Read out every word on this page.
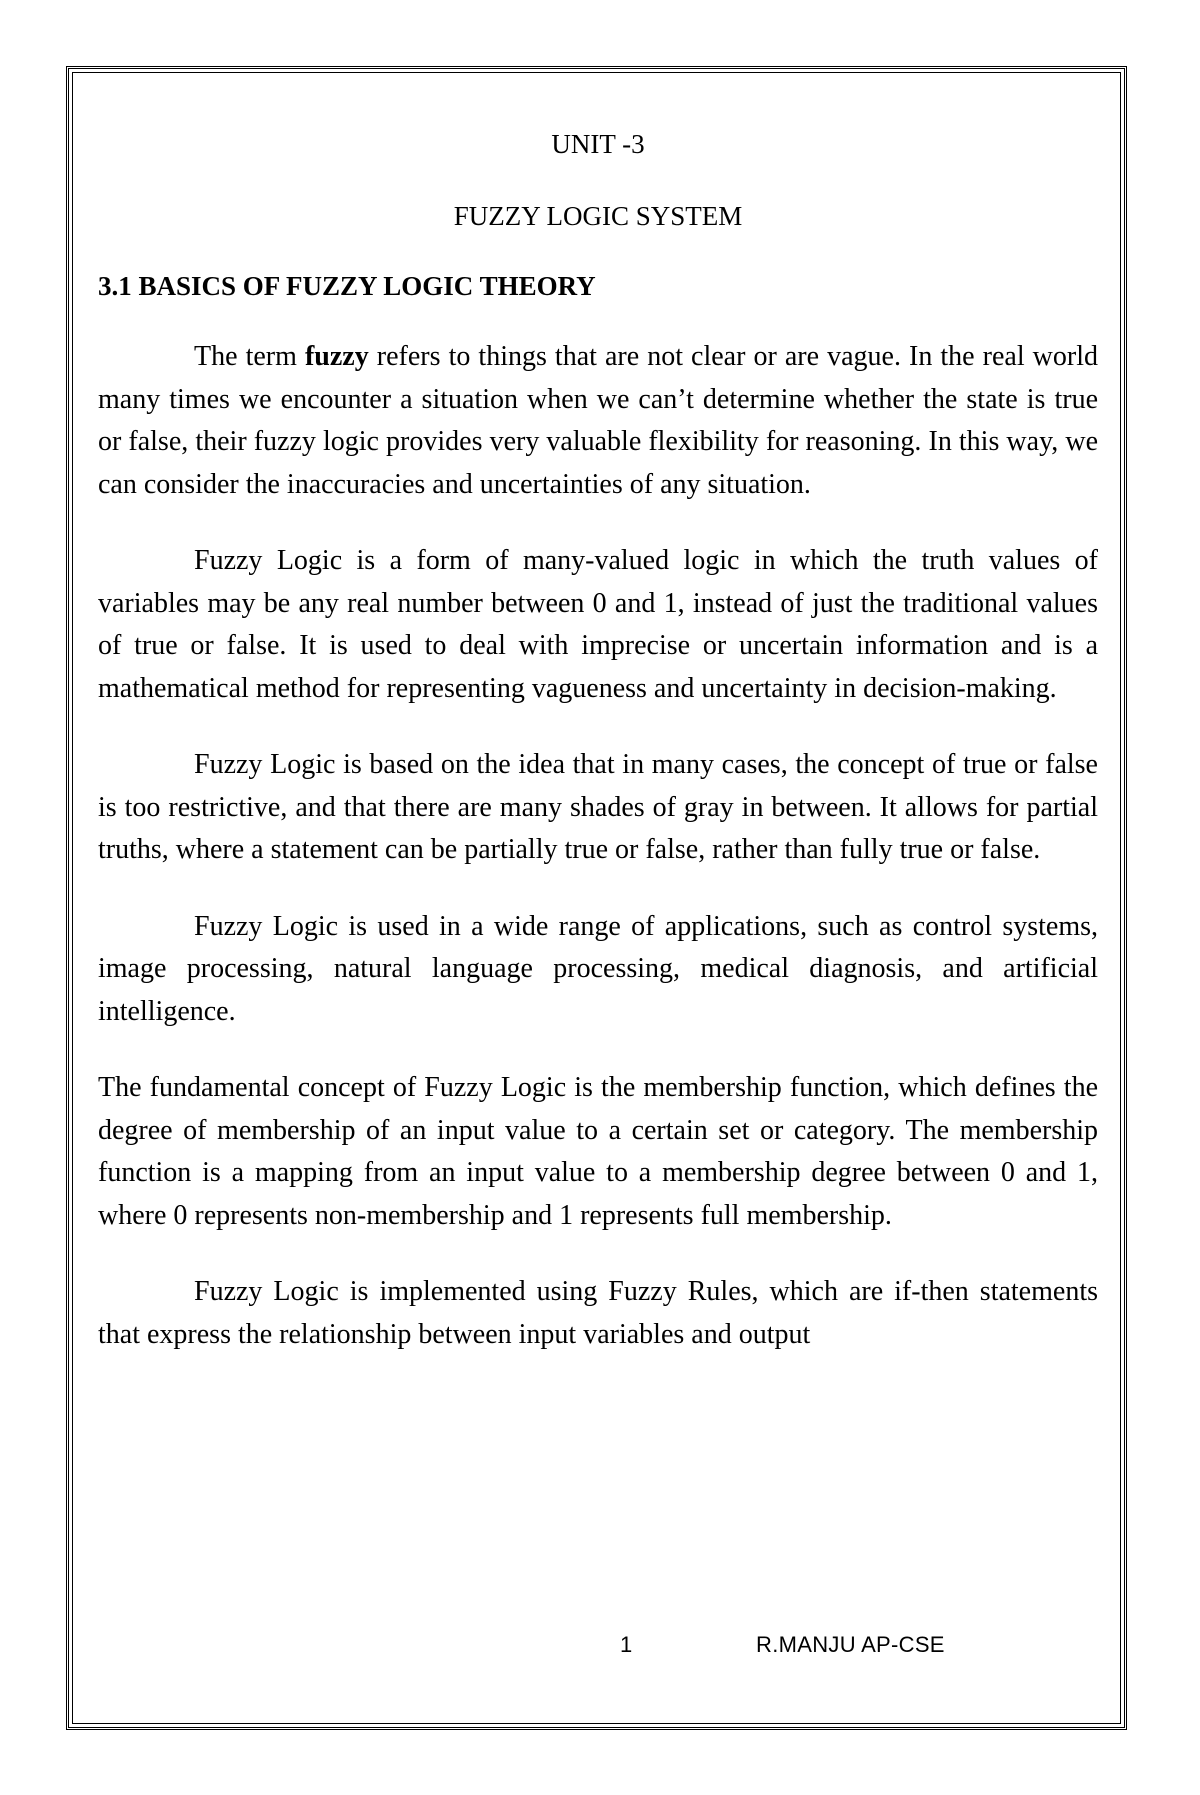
UNIT -3
FUZZY LOGIC SYSTEM
3.1 BASICS OF FUZZY LOGIC THEORY

The term fuzzy refers to things that are not clear or are vague. In the real world many times we encounter a situation when we can’t determine whether the state is true or false, their fuzzy logic provides very valuable flexibility for reasoning. In this way, we can consider the inaccuracies and uncertainties of any situation.

Fuzzy Logic is a form of many-valued logic in which the truth values of variables may be any real number between 0 and 1, instead of just the traditional values of true or false. It is used to deal with imprecise or uncertain information and is a mathematical method for representing vagueness and uncertainty in decision-making.

Fuzzy Logic is based on the idea that in many cases, the concept of true or false is too restrictive, and that there are many shades of gray in between. It allows for partial truths, where a statement can be partially true or false, rather than fully true or false.

Fuzzy Logic is used in a wide range of applications, such as control systems, image processing, natural language processing, medical diagnosis, and artificial intelligence.

The fundamental concept of Fuzzy Logic is the membership function, which defines the degree of membership of an input value to a certain set or category. The membership function is a mapping from an input value to a membership degree between 0 and 1, where 0 represents non-membership and 1 represents full membership.

Fuzzy Logic is implemented using Fuzzy Rules, which are if-then statements that express the relationship between input variables and output

1	R.MANJU AP-CSE
